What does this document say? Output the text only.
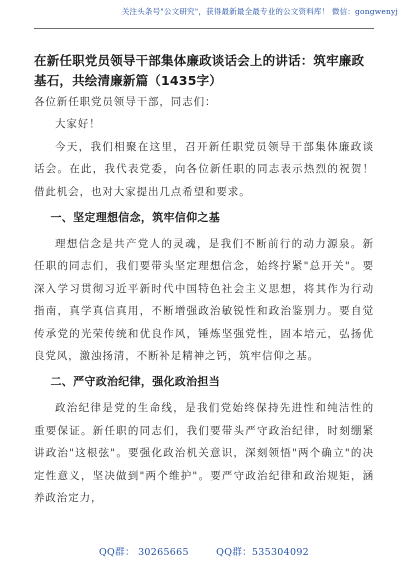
关注头条号"公文研究"，获得最新最全最专业的公文资料库！ 微信：gongwenyj
在新任职党员领导干部集体廉政谈话会上的讲话：筑牢廉政基石，共绘清廉新篇（1435字）

各位新任职党员领导干部，同志们：

大家好！

今天，我们相聚在这里，召开新任职党员领导干部集体廉政谈话会。在此，我代表党委，向各位新任职的同志表示热烈的祝贺！借此机会，也对大家提出几点希望和要求。

一、坚定理想信念，筑牢信仰之基

理想信念是共产党人的灵魂，是我们不断前行的动力源泉。新任职的同志们，我们要带头坚定理想信念，始终拧紧"总开关"。要深入学习贯彻习近平新时代中国特色社会主义思想，将其作为行动指南，真学真信真用，不断增强政治敏锐性和政治鉴别力。要自觉传承党的光荣传统和优良作风，锤炼坚强党性，固本培元，弘扬优良党风，激浊扬清，不断补足精神之钙，筑牢信仰之基。

二、严守政治纪律，强化政治担当

政治纪律是党的生命线，是我们党始终保持先进性和纯洁性的重要保证。新任职的同志们，我们要带头严守政治纪律，时刻绷紧讲政治"这根弦"。要强化政治机关意识，深刻领悟"两个确立"的决定性意义，坚决做到"两个维护"。要严守政治纪律和政治规矩，涵养政治定力，

QQ群： 30265665	QQ群：535304092
